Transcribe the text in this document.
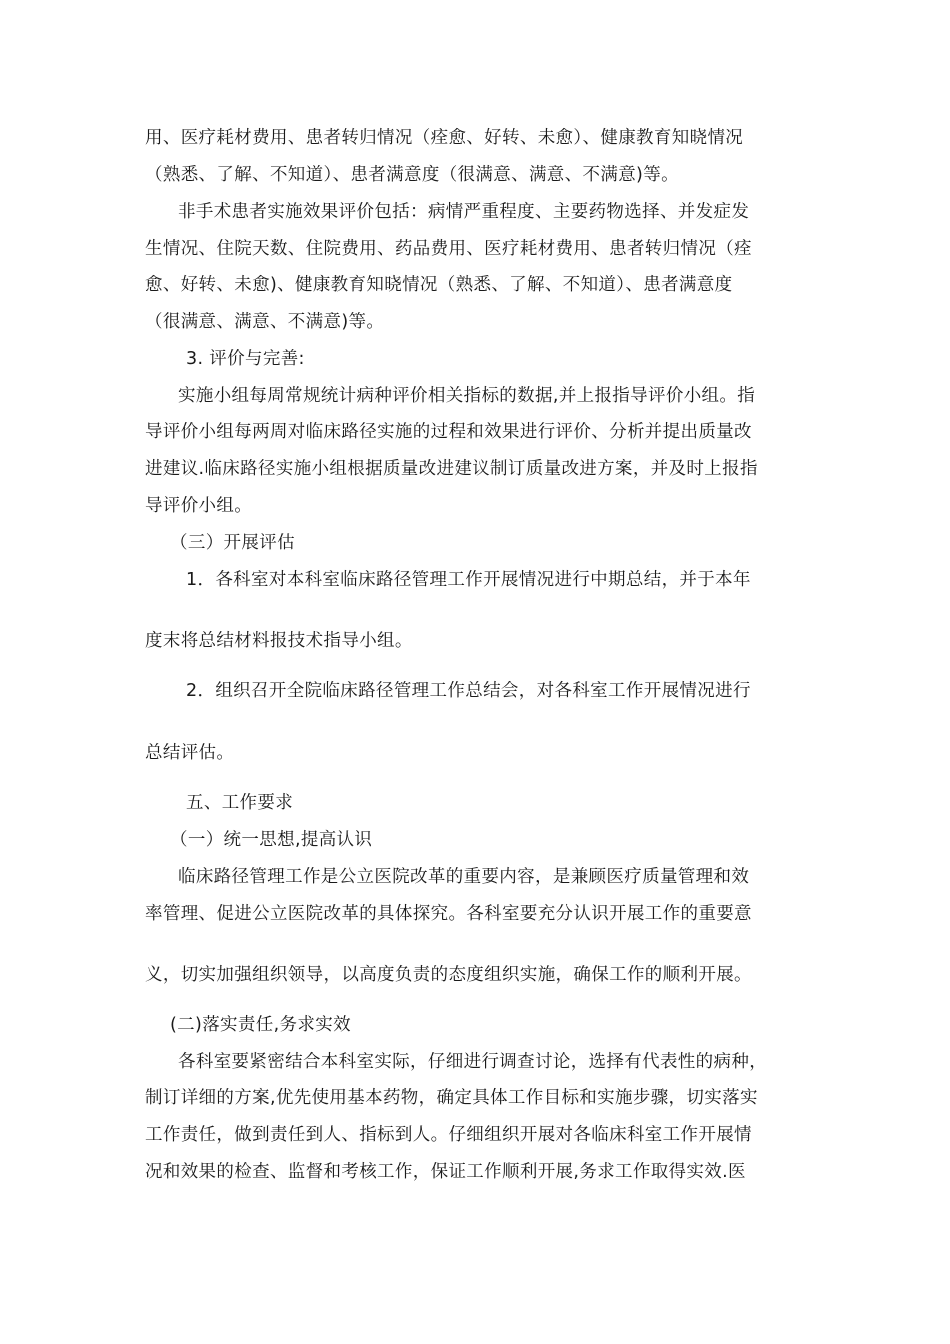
用、医疗耗材费用、患者转归情况（痊愈、好转、未愈）、健康教育知晓情况
（熟悉、了解、不知道）、患者满意度（很满意、满意、不满意)等。
非手术患者实施效果评价包括：病情严重程度、主要药物选择、并发症发
生情况、住院天数、住院费用、药品费用、医疗耗材费用、患者转归情况（痊
愈、好转、未愈)、健康教育知晓情况（熟悉、了解、不知道）、患者满意度
（很满意、满意、不满意)等。
3. 评价与完善:
实施小组每周常规统计病种评价相关指标的数据,并上报指导评价小组。指
导评价小组每两周对临床路径实施的过程和效果进行评价、分析并提出质量改
进建议.临床路径实施小组根据质量改进建议制订质量改进方案，并及时上报指
导评价小组。
（三）开展评估
1．各科室对本科室临床路径管理工作开展情况进行中期总结，并于本年
度末将总结材料报技术指导小组。
2．组织召开全院临床路径管理工作总结会，对各科室工作开展情况进行
总结评估。
五、工作要求
（一）统一思想,提高认识
临床路径管理工作是公立医院改革的重要内容，是兼顾医疗质量管理和效
率管理、促进公立医院改革的具体探究。各科室要充分认识开展工作的重要意
义，切实加强组织领导，以高度负责的态度组织实施，确保工作的顺利开展。
(二)落实责任,务求实效
各科室要紧密结合本科室实际，仔细进行调查讨论，选择有代表性的病种，
制订详细的方案,优先使用基本药物，确定具体工作目标和实施步骤，切实落实
工作责任，做到责任到人、指标到人。仔细组织开展对各临床科室工作开展情
况和效果的检查、监督和考核工作，保证工作顺利开展,务求工作取得实效.医
